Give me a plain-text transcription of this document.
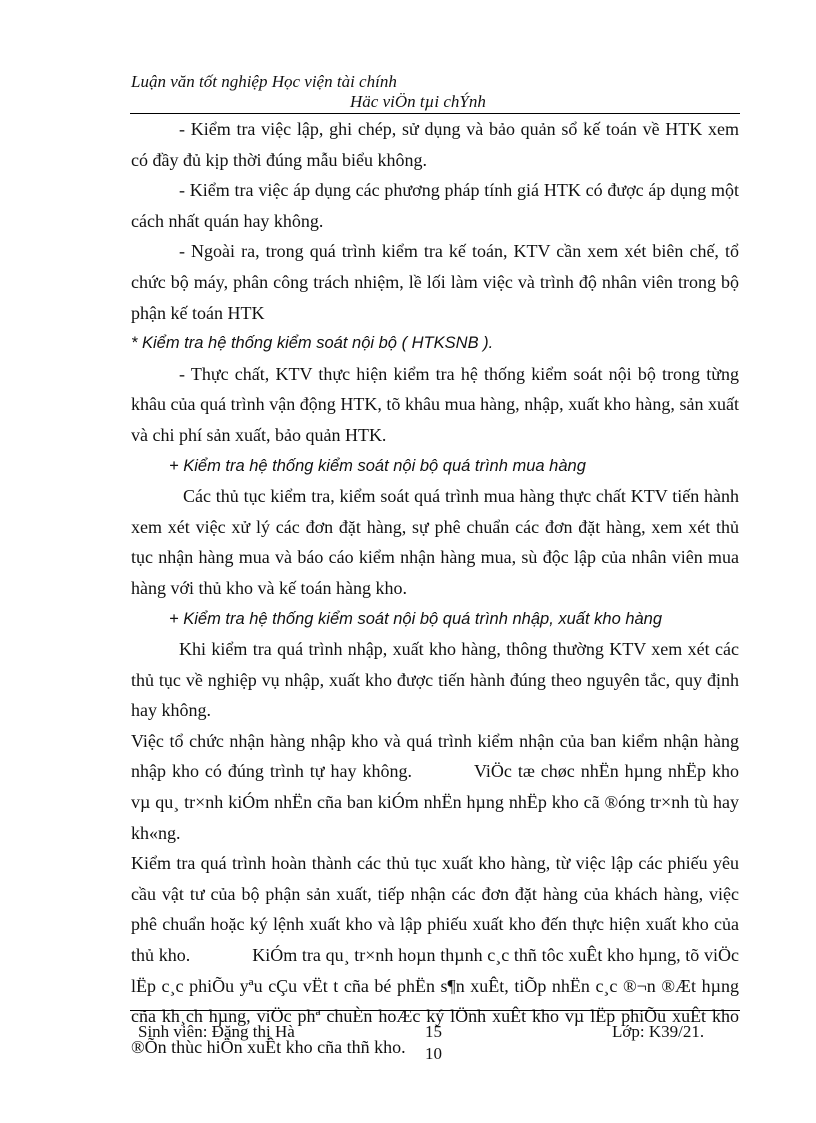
Luận văn tốt nghiệp Học viện tài chính
Häc viÖn tµi chÝnh

- Kiểm tra việc lập, ghi chép, sử dụng và bảo quản sổ kế toán về HTK xem có đầy đủ kịp thời đúng mẫu biểu không.

- Kiểm tra việc áp dụng các phương pháp tính giá HTK có được áp dụng một cách nhất quán hay không.

- Ngoài ra, trong quá trình kiểm tra kế toán, KTV cần xem xét biên chế, tổ chức bộ máy, phân công trách nhiệm, lề lối làm việc và trình độ nhân viên trong bộ phận kế toán HTK

* Kiểm tra hệ thống kiểm soát nội bộ ( HTKSNB ).

- Thực chất, KTV thực hiện kiểm tra hệ thống kiểm soát nội bộ trong từng khâu của quá trình vận động HTK, tõ khâu mua hàng, nhập, xuất kho hàng, sản xuất và chi phí sản xuất, bảo quản HTK.

+ Kiểm tra hệ thống kiểm soát nội bộ quá trình mua hàng

Các thủ tục kiểm tra, kiểm soát quá trình mua hàng thực chất KTV tiến hành xem xét việc xử lý các đơn đặt hàng, sự phê chuẩn các đơn đặt hàng, xem xét thủ tục nhận hàng mua và báo cáo kiểm nhận hàng mua, sù độc lập của nhân viên mua hàng với thủ kho và kế toán hàng kho.

+ Kiểm tra hệ thống kiểm soát nội bộ quá trình nhập, xuất kho hàng

Khi kiểm tra quá trình nhập, xuất kho hàng, thông thường KTV xem xét các thủ tục về nghiệp vụ nhập, xuất kho được tiến hành đúng theo nguyên tắc, quy định hay không.

Việc tổ chức nhận hàng nhập kho và quá trình kiểm nhận của ban kiểm nhận hàng nhập kho có đúng trình tự hay không.	ViÖc tæ chøc nhËn hµng nhËp kho vµ qu¸ tr×nh kiÓm nhËn cña ban kiÓm nhËn hµng nhËp kho cã ®óng tr×nh tù hay kh«ng.

Kiểm tra quá trình hoàn thành các thủ tục xuất kho hàng, từ việc lập các phiếu yêu cầu vật tư của bộ phận sản xuất, tiếp nhận các đơn đặt hàng của khách hàng, việc phê chuẩn hoặc ký lệnh xuất kho và lập phiếu xuất kho đến thực hiện xuất kho của thủ kho.	KiÓm tra qu¸ tr×nh hoµn thµnh c¸c thñ tôc xuÊt kho hµng, tõ viÖc lËp c¸c phiÕu yªu cÇu vËt t cña bé phËn s¶n xuÊt, tiÕp nhËn c¸c ®¬n ®Æt hµng cña kh¸ch hµng, viÖc phª chuÈn hoÆc ký lÖnh xuÊt kho vµ lËp phiÕu xuÊt kho ®Õn thùc hiÖn xuÊt kho cña thñ kho.

Sinh viên: Đặng thị Hà	15	Lớp: K39/21.
10
